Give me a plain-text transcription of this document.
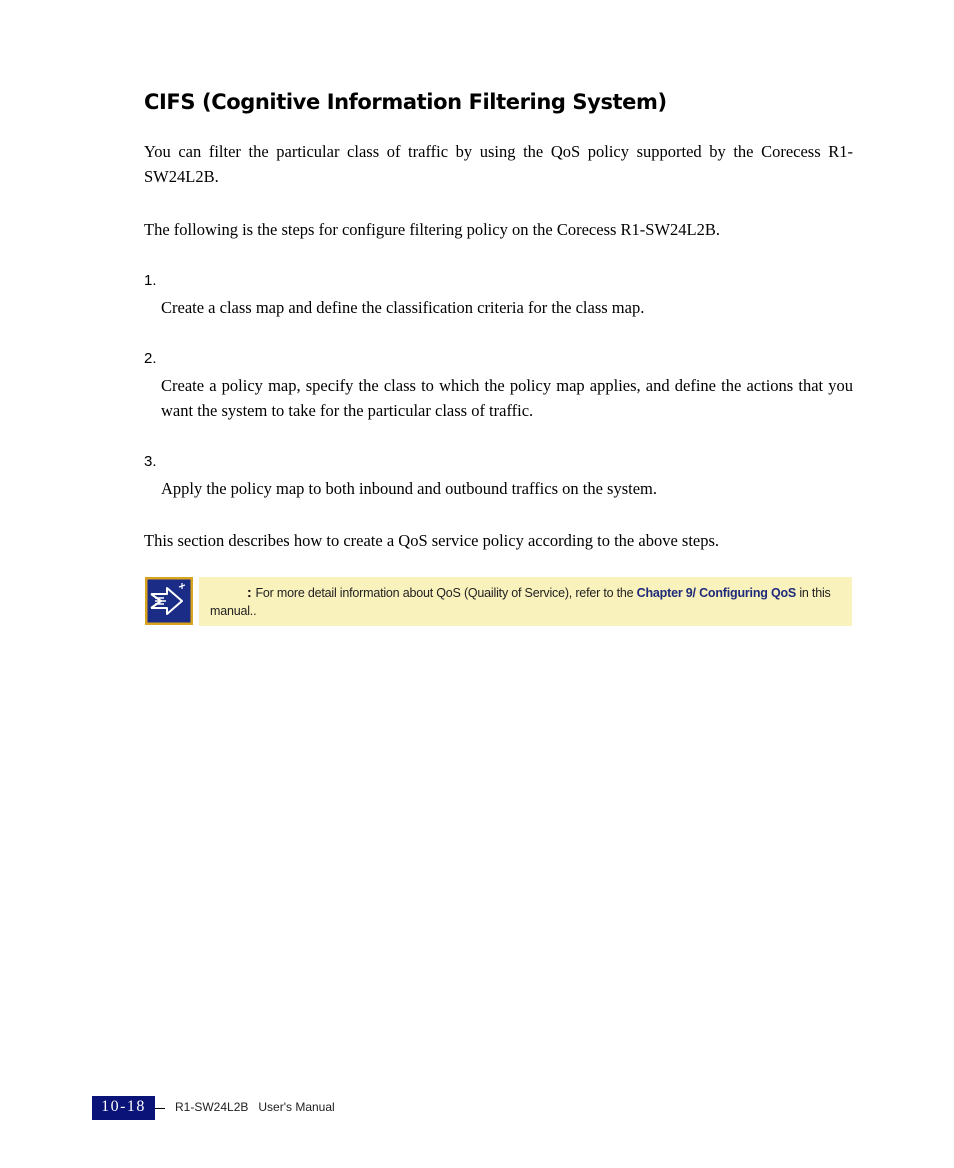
CIFS (Cognitive Information Filtering System)

You can filter the particular class of traffic by using the QoS policy supported by the Corecess R1-SW24L2B.

The following is the steps for configure filtering policy on the Corecess R1-SW24L2B.

1.

Create a class map and define the classification criteria for the class map.

2.

Create a policy map, specify the class to which the policy map applies, and define the actions that you want the system to take for the particular class of traffic.

3.

Apply the policy map to both inbound and outbound traffics on the system.

This section describes how to create a QoS service policy according to the above steps.

: For more detail information about QoS (Quaility of Service), refer to the Chapter 9/ Configuring QoS in this manual..
10-18	R1-SW24L2B   User's Manual
